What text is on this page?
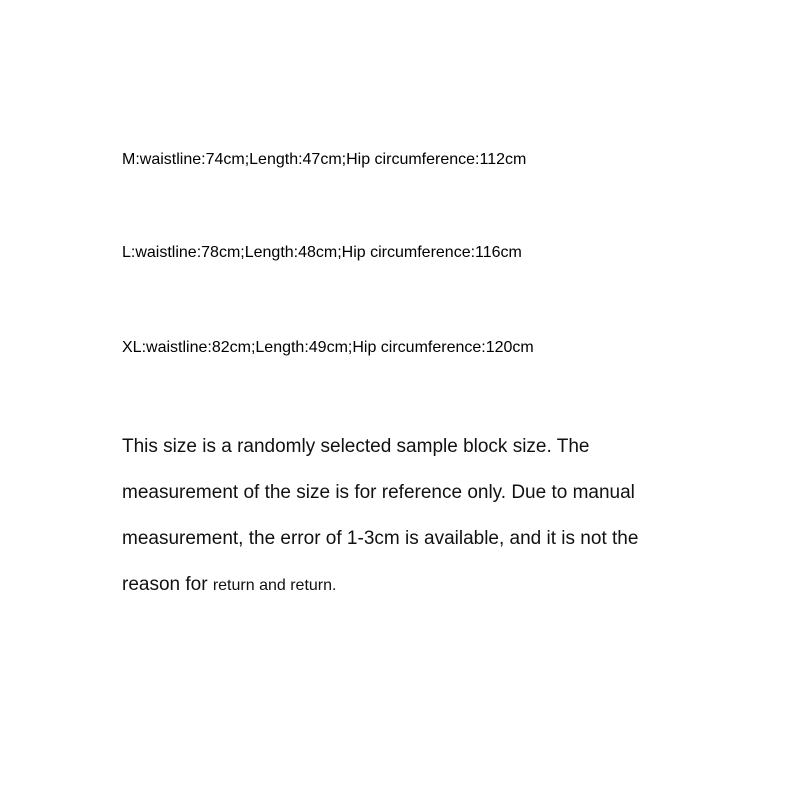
M:waistline:74cm;Length:47cm;Hip circumference:112cm

L:waistline:78cm;Length:48cm;Hip circumference:116cm

XL:waistline:82cm;Length:49cm;Hip circumference:120cm

This size is a randomly selected sample block size. The
measurement of the size is for reference only. Due to manual
measurement, the error of 1-3cm is available, and it is not the
reason for return and return.
